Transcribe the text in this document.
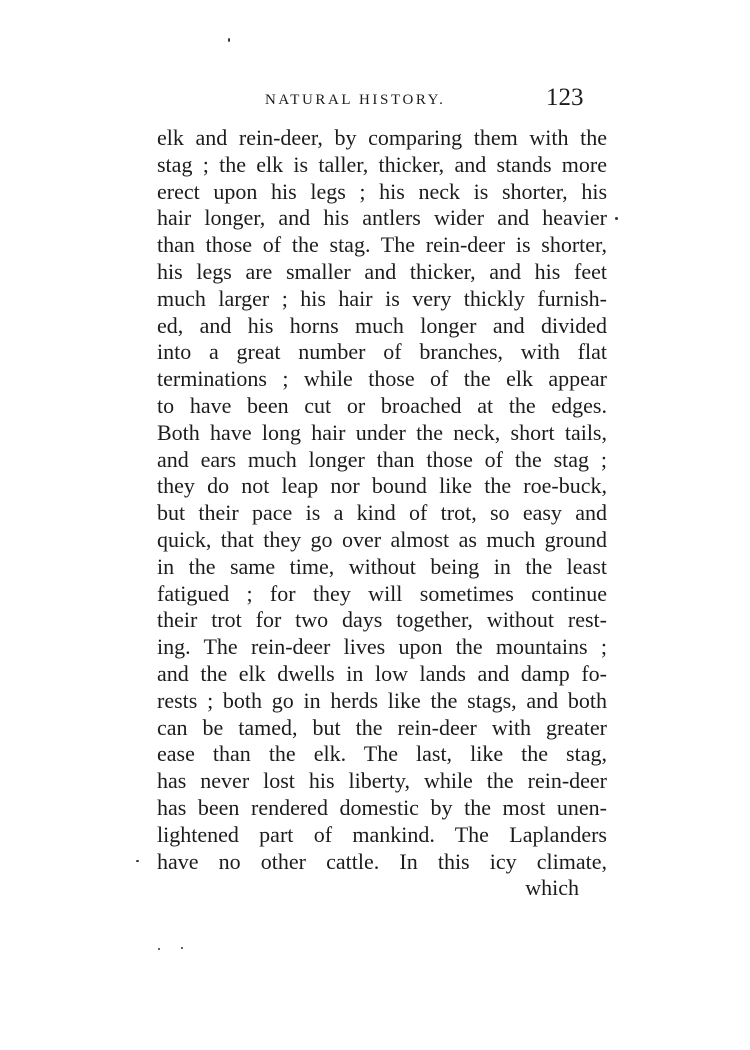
NATURAL HISTORY.	123
elk and rein-deer, by comparing them with the
stag ; the elk is taller, thicker, and stands more
erect upon his legs ; his neck is shorter, his
hair longer, and his antlers wider and heavier
than those of the stag. The rein-deer is shorter,
his legs are smaller and thicker, and his feet
much larger ; his hair is very thickly furnish-
ed, and his horns much longer and divided
into a great number of branches, with flat
terminations ; while those of the elk appear
to have been cut or broached at the edges.
Both have long hair under the neck, short tails,
and ears much longer than those of the stag ;
they do not leap nor bound like the roe-buck,
but their pace is a kind of trot, so easy and
quick, that they go over almost as much ground
in the same time, without being in the least
fatigued ; for they will sometimes continue
their trot for two days together, without rest-
ing. The rein-deer lives upon the mountains ;
and the elk dwells in low lands and damp fo-
rests ; both go in herds like the stags, and both
can be tamed, but the rein-deer with greater
ease than the elk. The last, like the stag,
has never lost his liberty, while the rein-deer
has been rendered domestic by the most unen-
lightened part of mankind. The Laplanders
have no other cattle. In this icy climate,
which
